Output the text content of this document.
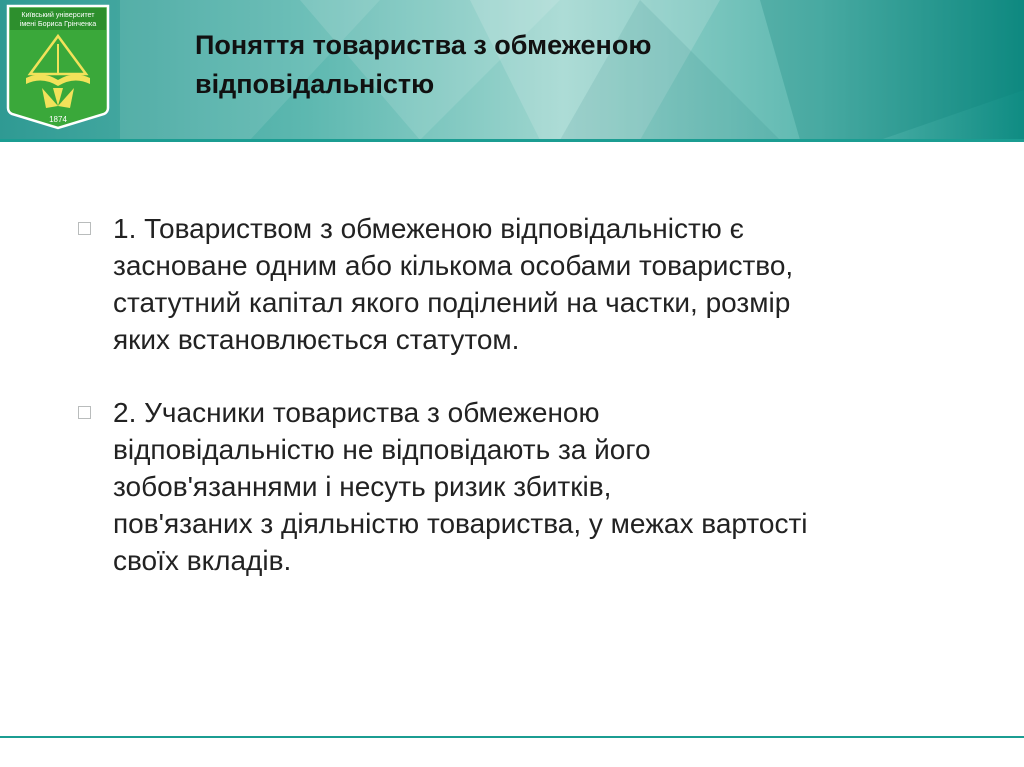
Київський університет
імені Бориса Грінченка
1874
Поняття товариства з обмеженою
відповідальністю

1. Товариством з обмеженою відповідальністю є
засноване одним або кількома особами товариство,
статутний капітал якого поділений на частки, розмір
яких встановлюється статутом.

2. Учасники товариства з обмеженою
відповідальністю не відповідають за його
зобов'язаннями і несуть ризик збитків,
пов'язаних з діяльністю товариства, у межах вартості
своїх вкладів.
